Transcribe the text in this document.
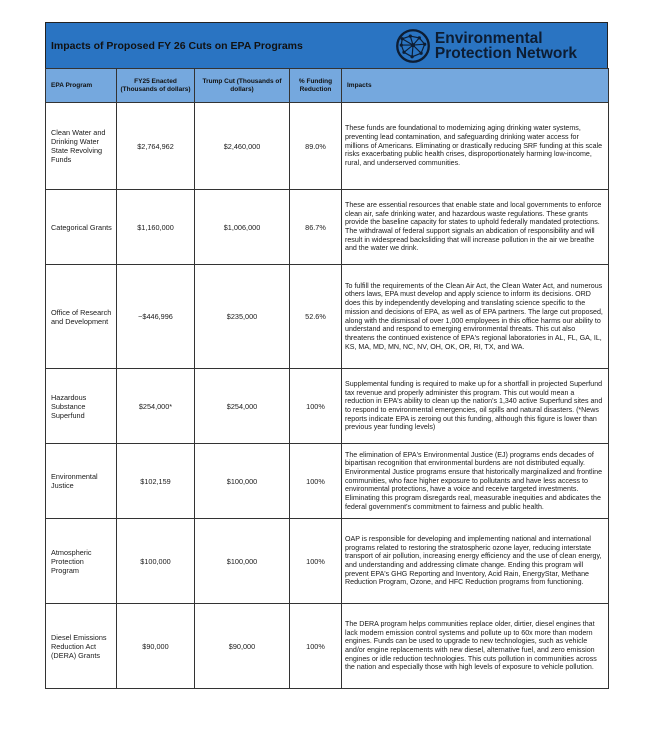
Impacts of Proposed FY 26 Cuts on EPA Programs	Environmental
Protection Network
EPA Program	FY25 Enacted (Thousands of dollars)	Trump Cut (Thousands of dollars)	% Funding Reduction	Impacts
Clean Water and Drinking Water State Revolving Funds	$2,764,962	$2,460,000	89.0%	These funds are foundational to modernizing aging drinking water systems, preventing lead contamination, and safeguarding drinking water access for millions of Americans. Eliminating or drastically reducing SRF funding at this scale risks exacerbating public health crises, disproportionately harming low-income, rural, and underserved communities.
Categorical Grants	$1,160,000	$1,006,000	86.7%	These are essential resources that enable state and local governments to enforce clean air, safe drinking water, and hazardous waste regulations. These grants provide the baseline capacity for states to uphold federally mandated protections. The withdrawal of federal support signals an abdication of responsibility and will result in widespread backsliding that will increase pollution in the air we breathe and the water we drink.
Office of Research and Development	~$446,996	$235,000	52.6%	To fulfill the requirements of the Clean Air Act, the Clean Water Act, and numerous others laws, EPA must develop and apply science to inform its decisions. ORD does this by independently developing and translating science specific to the mission and decisions of EPA, as well as of EPA partners. The large cut proposed, along with the dismissal of over 1,000 employees in this office harms our ability to understand and respond to emerging environmental threats. This cut also threatens the continued existence of EPA's regional laboratories in AL, FL, GA, IL, KS, MA, MD, MN, NC, NV, OH, OK, OR, RI, TX, and WA.
Hazardous Substance Superfund	$254,000*	$254,000	100%	Supplemental funding is required to make up for a shortfall in projected Superfund tax revenue and properly administer this program. This cut would mean a reduction in EPA's ability to clean up the nation's 1,340 active Superfund sites and to respond to environmental emergencies, oil spills and natural disasters. (*News reports indicate EPA is zeroing out this funding, although this figure is lower than previous year funding levels)
Environmental Justice	$102,159	$100,000	100%	The elimination of EPA's Environmental Justice (EJ) programs ends decades of bipartisan recognition that environmental burdens are not distributed equally. Environmental Justice programs ensure that historically marginalized and frontline communities, who face higher exposure to pollutants and have less access to environmental protections, have a voice and receive targeted investments. Eliminating this program disregards real, measurable inequities and abdicates the federal government's commitment to fairness and public health.
Atmospheric Protection Program	$100,000	$100,000	100%	OAP is responsible for developing and implementing national and international programs related to restoring the stratospheric ozone layer, reducing interstate transport of air pollution, increasing energy efficiency and the use of clean energy, and understanding and addressing climate change. Ending this program will prevent EPA's GHG Reporting and Inventory, Acid Rain, EnergyStar, Methane Reduction Program, Ozone, and HFC Reduction programs from functioning.
Diesel Emissions Reduction Act (DERA) Grants	$90,000	$90,000	100%	The DERA program helps communities replace older, dirtier, diesel engines that lack modern emission control systems and pollute up to 60x more than modern engines. Funds can be used to upgrade to new technologies, such as vehicle and/or engine replacements with new diesel, alternative fuel, and zero emission engines or idle reduction technologies. This cuts pollution in communities across the nation and especially those with high levels of exposure to vehicle pollution.
